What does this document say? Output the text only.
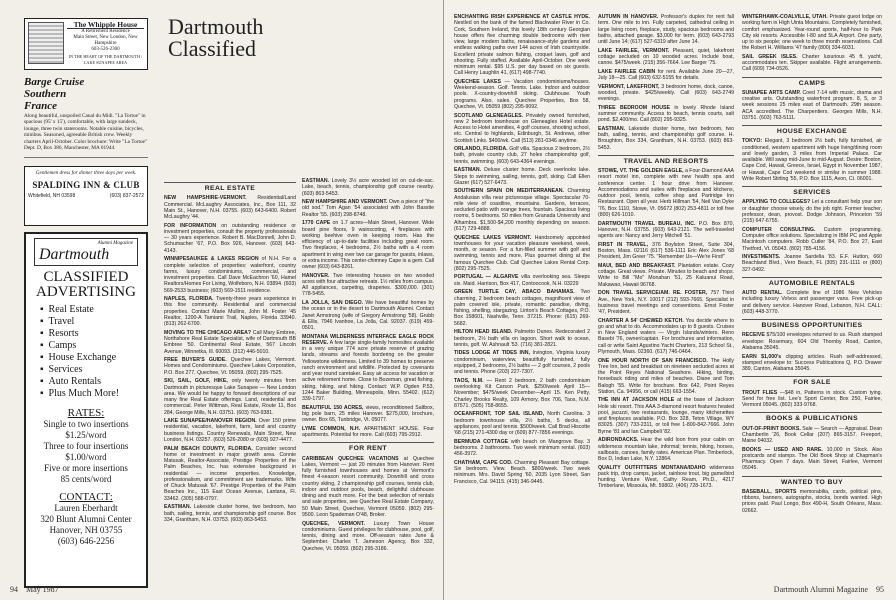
The Whipple House
A Retirement Residence
Main Street, New London, New Hampshire
603-526-2300
IN THE HEART OF THE DARTMOUTH / LAKE SUNAPEE AREA
Barge Cruise
Southern
France
Along beautiful, unspoiled Canal du Midi. "La Tortue" in spacious (95' x 15'), comfortable, with large sundeck, lounge, three twin staterooms. Notable cuisine, bicycles, minibus. Seasoned, agreeable British crew. Weekly charters April-October. Color brochure: Write "La Tortue" Dept. D, Box 386, Manchester, MA 01944.
Gentlemen dress for dinner three days per week.
SPALDING INN & CLUB
Whitefield, NH 03598	(603) 837-2572
Alumni Magazine
Dartmouth
CLASSIFIED
ADVERTISING
▪ Real Estate
▪ Travel
▪ Resorts
▪ Camps
▪ House Exchange
▪ Services
▪ Auto Rentals
▪ Plus Much More!
RATES:
Single to two insertions
$1.25/word
Three to four insertions
$1.00/word
Five or more insertions
85 cents/word
CONTACT:
Lauren Eberhardt
320 Blunt Alumni Center
Hanover, NH 03755
(603) 646-2256
Dartmouth
Classified
REAL ESTATE

NEW HAMPSHIRE-VERMONT. Residential/Land Commercial. McLaughry Associates, Inc., Box 111, 32 Main St., Hanover, N.H. 03755. (603) 643-6400. Robert McLaughry '44.

FOR INFORMATION on outstanding residence or investment properties, consult the property professionals — 30 years experience. Robert B. MacDonnell, John D. Schumacher '67, P.O. Box 926, Hanover. (603) 643-4143.

WINNIPESAUKEE & LAKES REGION of N.H. For a complete selection of properties: waterfront, country farms, luxury condominiums, commercial, and investment properties. Call Dave McEachron '60, Hamel Realtors/Homes For Living, Wolfeboro, N.H. 03894. (603) 569-2533 business; (603) 569-1511 residence.

NAPLES, FLORIDA. Twenty-three years experience in this fine community. Residential and commercial properties. Contact Marie Mullins, John M. Foster '45 Realtor, 1200-A Tamiami Trail, Naples, Florida 33940. (813) 262-6700.

MOVING TO THE CHICAGO AREA? Call Mary Embree, Northshore Real Estate Specialist, wife of Dartmouth BB Embree '50. Continental Real Estate, 567 Lincoln Avenue, Winnetka, Ill. 60093. (312) 446-5010.

FREE BUYER'S GUIDE. Quechee Lakes, Vermont. Homes and Condominiums. Quechee Lakes Corporation, P.O. Box 277, Quechee, Vt. 05059. (802) 295-7525.

SKI, SAIL, GOLF, HIKE, only twenty minutes from Dartmouth in picturesque Lake Sunapee — New London area. We would be happy to forward descriptions of our many fine Real Estate offerings. Land, residential and commercial. Peter Wittman, Real Estate, Route 11, Box 284, George Mills, N.H. 03751. (603) 763-9381.

LAKE SUNAPEE/HANOVER REGION. Over 150 prime residential, vacation, lakefront, farm, land and country business listings. Country Renewals, Main Street, New London, N.H. 03257. (603) 526-2080 or (603) 927-4477.

PALM BEACH COUNTY, FLORIDA. Consider second home or investment in major growth area. Connie Matusak, Realtor-Associate, Prestige Properties of the Palm Beaches, Inc. has extensive background in residential — income properties. Knowledge, professionalism, and commitment are trademarks. Wife of Chuck Matusak '67. Prestige Properties of the Palm Beaches Inc., 115 East Ocean Avenue, Lantana, Fl. 33462. (305) 588-0797.

EASTMAN. Lakeside cluster home, two bedroom, two bath, sailing, tennis, and championship golf course. Box 334, Grantham, N.H. 03753. (603) 863-5453.

EASTMAN. Lovely 3½ acre wooded lot on cul-de-sac. Lake, beach, tennis, championship golf course nearby. (603) 863-5453.

NEW HAMPSHIRE AND VERMONT. Own a piece of "the old sod." Tom Agan '54 associated with John Basstie Realtor '55. (603) 298-8748.

1770 CAPE on 1.7 acres—Main Street, Hanover. Wide board pine floors, 9 wainscoting, 4 fireplaces with working beehive oven in keeping room. Has the efficiency of up-to-date facilities including great room. Two fireplaces, 4 bedrooms, 2½ baths with a 4 room apartment in wing over two car garage for guests, inlaws, or extra income. This center-chimney Cape is a gem. Call owner (603) 643-8261.

HANOVER. Two interesting houses on two wooded acres with four attractive retreats. 1½ miles from campus. All appliances, carpeting, draperies. $300,000. (301) 778-5455.

LA JOLLA, SAN DIEGO. We have beautiful homes by the ocean or in the desert to Dartmouth Alumni. Contact Janet Armstrong (wife of Gregory Armstrong '58). Grubb & Ellis, 7946 Ivanhoe, La Jolla, Cal. 92037. (619) 459-0501.

MONTANA WILDERNESS INTERFACE EAGLE ROCK RESERVE. A few large single-family homesites available in a very unique 774 acre private reserve of grazing lands, streams and forests bordering on the greater Yellowstone wilderness. Limited to 39 homes to preserve ranch environment and wildlife. Protected by covenants and year round caretaker. Easy air access for vacation or active retirement home. Close to Bozeman, great fishing, skiing, hiking, and hiking. Contact: W.P. Ogden P.53, 1244 Baker Building, Minneapolis, Minn. 55402. (612) 339-1797.

BEAUTIFUL 150 ACRES, views, reconditioned Saltbox, big pole barn, 25 miles Hanover. $275,000, brochure, owner. Box 65, Tunbridge, Vt. 05077.

LYME COMMON, N.H. APARTMENT HOUSE. Four apartments. Potential for more. Call (603) 795-2912.

FOR RENT

CARIBBEAN QUECHEE VACATIONS at Quechee Lakes, Vermont — just 20 minutes from Hanover. Rent fully furnished townhouses and homes at Vermont's finest 4-season resort community. Downhill and cross country skiing, 2 championship golf courses, tennis club, indoor and outdoor pools, beach, delightful clubhouse dining and much more. For the best selection of rentals and sale properties, see Quechee Real Estate Company, 50 Main Street, Quechee, Vermont 05059. (802) 295-9500. Leon Spademan O'48, Broker.

QUECHEE, VERMONT. Luxury Town House condominiums. Guest privileges for clubhouse, pool, golf, tennis, dining and more. Off-season rates June & September. Charles T. Jameson Agency, Box 332, Quechee, Vt. 05059. (802) 295-3186.

94 May 1987

ENCHANTING IRISH EXPERIENCE AT CASTLE HYDE. Nestled on the bank of the famed Blackwater River in Co. Cork, Southern Ireland, this lovely 18th century Georgian house offers five charming double bedrooms with river view, large modern baths, renaissance-style gardens and endless walking paths over 144 acres of Irish countryside. Excellent private salmon fishing, croquet lawn, golf and shooting. Fully staffed. Available April-October. One week minimum rental. $95 U.S. per day based on six guests. Call Henry Laughlin 41, (617) 498-7740.

QUECHEE LAKES — Vacation condominiums/houses. Weekend-season. Golf. Tennis. Lake. Indoor and outdoor pools. X-country-downhill skiing. Clubhouse. Youth programs. Also, sales. Quechee Properties, Box 58, Quechee, Vt. 05059 (802) 295-9092.

SCOTLAND GLENEAGLES. Privately owned furnished, new 2 bedroom townhouse on Gleneagles Hotel estate. Access to Hotel amenities, 4 golf courses, shooting school, etc. Central to highlands, Edinburgh, St. Andrews, other Scottish Links. $400/wk. Call (513) 281-0346 anytime.

ORLANDO, FLORIDA. Golf villa. Spacious 2 bedroom, 2½ bath, private country club, 27 holes championship golf, tennis, swimming. (603) 643-4364 evenings.

EASTMAN. Deluxe cluster home. Deck overlooks lake. Steps to swimming, sailing, tennis, golf, skiing. Call Ellen Glazer (617) 527-6473.

SOUTHERN SPAIN ON MEDITERRANEAN. Charming Andalusian villa near picturesque village. Spectacular 70-mile view of coastline, mountains. Gardens, terraces, secluded patio with orange trees, fountain. Spacious living rooms, 5 bedrooms. 50 miles from Granada University and Alhambra. $1,500-$4,200 monthly depending on season. (617) 729-4888.

QUECHEE LAKES VERMONT. Handsomely appointed townhouses for your vacation pleasure weekend, week, month, or season. For a fun-filled summer with golf and swimming, tennis and more. Plus gourmet dining at the famous Quechee Club. Call Quechee Lakes Rental Corp. (802) 295-7525.

PORTUGAL — ALGARVE villa overlooking sea. Sleeps six. Maid. Harrison, Box 417, Contoocook, N.H. 03229

GREEN TURTLE CAY, ABACO BAHAMAS. Two charming, 2 bedroom beach cottages, magnificent view of palm covered isle, private, romantic paradise, diving, fishing, shelling, stargazing. Linton's Beach Cottages, P.O. Box 158601, Nashville, Tenn. 37215. Phone: (615) 269-5682.

HILTON HEAD ISLAND. Palmetto Dunes. Redecorated 2 bedroom, 2½ bath villa on lagoon. Short walk to ocean, tennis, golf. W. Ashnault '53. (716) 381-2821.

TIDES LODGE AT TIDES INN, Irvington, Virginia luxury condominium, waterview, beautifully furnished, fully equipped, 2 bedrooms, 2½ baths — 2 golf courses, 2 pools and tennis. Phone (203) 227-7307.

TAOS, N.M. — Rent 2 bedroom, 2 bath condominium overlooking Kit Carson Park. $250/week April 15—November; $475/week December—April 15. Ken Petty, Charley Brooks Realty, 109 Armory, Box 706, Taos, N.M. 87571. (505) 758-8655.

OCEANFRONT, TOP SAIL ISLAND, North Carolina. 3 bedroom townhouse villa, 2½ baths, 5 decks, all appliances, pool and tennis. $500/week. Call Brad Hiscotte '68 (215) 271-4300 day or (609) 877-7856 evenings.

BERMUDA COTTAGE with beach on Mangrove Bay. 3 bedrooms. 2 bathrooms. Two week minimum rental. (603) 456-3972.

CHATHAM, CAPE COD. Charming Pleasant Bay cottage. Six bedroom. View. Beach. $800/week. Two week minimum. Mrs. David Spring '60, 2035 Lyon Street, San Francisco, Cal. 94115. (415) 346-9445.

AUTUMN IN HANOVER. Professor's duplex for rent fall term. One mile to inn. Fully carpeted, cathedral ceiling in large living room, fireplace, study, spacious bedrooms and baths, attached garage. $3,000 for term. (603) 643-2793 until June 14; (617) 527-6319 after June 14.

LAKE FAIRLEE, VERMONT. Pleasant, quiet, lakefront cottage secluded on 10 wooded acres. Include boat, canoe. $475/week. (215) 356-7664. Lee Barger '75.

LAKE FAIRLEE CABIN for rent. Available June 20—27, July 18—25. Call (603) 632-5155 for details.

VERMONT, LAKEFRONT, 3 bedroom home, dock, canoe, wooded, private. $425/weekly. Call (603) 643-2749 evenings.

THREE BEDROOM HOUSE in lovely Rhode Island summer community. Access to beach, tennis courts, salt pond. $2,400/mo. Call (802) 295-9325.

EASTMAN. Lakeside cluster home, two bedroom, two bath, sailing, tennis, and championship golf course. H. Broughton, Box 334, Grantham, N.H. 03753. (603) 863-5453.

TRAVEL AND RESORTS

STOWE, VT. THE GOLDEN EAGLE, a Four-Diamond AAA resort motel inn, complete with new health spa and conference center. 1 hour drive from Hanover. Accommodations and suites with fireplaces and kitchens, outdoor pool, tennis, coffee shop and Partridge Inn Restaurant. Open all year. Herb Hillman '54, Neil Van Dyke '76, Box 1110, Stowe, Vt. 05672 (802) 253-4811 or toll free (800) 626-1010.

DARTMOUTH TRAVEL BUREAU, INC. P.O. Box 870, Hanover, N.H. 03755. (603) 643-2121. The well-traveled agents are: Nancy and Jerry Mitchell '51.

FIRST IN TRAVEL, 376 Boylston Street, Suite 304, Boston, Mass. 02116 (617) 536-1111 Eric Alex Jones '68 President, Jim Greer '75. "Remember Us—We're First!"

MAUI, BED AND BREAKFAST. Plantation estate. Cozy cottage. Great views. Private. Minutes to beach and shops. Write to Bill "Mo" Monahan '51, 25 Kaluanui Road, Makawao, Hawaii 96768.

DON TRAVEL SERVICE/AM. RE. FOSTER, 757 Third Ave., New York, N.Y. 10017 (212) 593-7665. Specialist in business travel meetings and conventions. Ernst Foster '47, President.

CHARTER A 54' CHEWED KETCH. You decide where to go and what to do. Accommodates up to 8 guests. Cruises in New England waters — Virgin Islands/winters. Reno Basebi '76, owner/captain. For brochures and information, call or write Saint Agustino Yacht Charters, 213 School St., Plymouth, Mass. 02360. (617) 746-0464.

ONE HOUR NORTH OF SAN FRANCISCO. The Holly Tree Inn, bed and breakfast on nineteen secluded acres at the Point Reyes National Seashore. Hiking, birding, horseback riding and miles of beaches. Diane and Tom Balogh '55. Write for brochure. Box 642, Point Reyes Station, Ca. 94956, or call (415) 663-1554.

THE INN AT JACKSON HOLE at the base of Jackson Hole ski resort. This AAA 3-diamond resort features heated pool, jacuzzi, two restaurants, lounge, many kitchenettes and fireplaces available. P.O. Box 328, Teton Village, WY 83025. (307) 733-2311, or toll free 1-800-842-7666. John Byrne '81 and Ian Campbell '82.

ADIRONDACKS. Hear the wild loon from your cabin on wilderness mountain lake, informal; tennis, hiking, horses, sailboats, canoes, family rates. American Plan. Timberlock, Box D, Indian Lake, N.Y. 12864.

QUALITY OUTFITTERS MONTANA/IDAHO wilderness pack trip, drop camps, jacket, rainbow trout, big game/bird hunting. Venture West, Cathy Ream, Ph.D., 4217 Timberlane, Missoula, Mt. 59802. (406) 728-1673.

WINTERHAWK-COALVILLE, UTAH. Private guest lodge on working farm in High Uinta Mountains. Completely furnished, comfort emphasized. Year-round sports, half-hour to Park City ski resorts. Accessible I-80 and 5LA Airport. One party, up to six people; one week to three month reservations. Call the Robert H. Williams '47 family (800) 334-6031.

SAIL GREEK ISLES. Charter luxurious 45 ft. yacht, accommodates ten. Skipper available. Flight arrangements. Call (609) 734-0526.

CAMPS

SUNAPEE ARTS CAMP. Coed 7-14 with music, drama and creative arts. Outstanding waterfront program. 8, 5, or 3 week sessions 25 miles east of Dartmouth. 29th season. ACA accredited. The Charpentiers. Georges Mills, N.H. 03751. (603) 763-5111.

HOUSE EXCHANGE

TOKYO: Elegant, 3 bedroom 2½ bath, fully furnished, air conditioned, western apartment with huge living/dining room and lovely garden, 3 miles from Imperial Palace. Car available. Will swap mid-June to mid-August. Desire: Boston, Cape Cod, Hawaii, Greece, Israel, Egypt in November 1987, or Hawaii, Cape Cod weekend or similar in summer 1988. Write Robert Stirling '55, P.O. Box 1115, Avon, Ct. 06001.

SERVICES

APPLYING TO COLLEGES? Let a consultant help your son or daughter choose wisely, do the job right. Former teacher, professor, dean, provost. Dodge Johnson, Princeton '59 (215) 647-6755.

COMPUTER CONSULTING. Custom programming. Computer office solutions. Specializing in IBM PC and Apple Macintosh computers. Robb Cutler '84, P.O. Box 27, East Thetford, Vt. 05043. (802) 785-4156.

INVESTMENTS. Joanne Sardella '83. E.F. Hutton, 660 Beachland Blvd., Vero Beach, FL (305) 231-1111 or (800) 327-0492.

AUTOMOBILE RENTALS

AUTO RENTAL. Complete line of 1986 New Vehicles including luxury Volvos and passenger vans. Free pick-up and delivery service. Hanover Road, Lebanon, N.H. CALL: (603) 448-3770.

BUSINESS OPPORTUNITIES

RECEIVE $75/100 envelopes returned to us. Rush stamped envelope: Rosemary, 604 Old Thornby Road, Canton, Alabama 35045.

EARN $1,000's clipping articles. Rush self-addressed, stamped envelope to: Success Publications Q, P.O. Drawer 389, Canton, Alabama 35045.

FOR SALE

TROUT FLIES —$48 in, Patterns in stock. Custom tying. Send for free list. Lee's Sport Center, Box 250, Fairlee, Vermont 05045. (802) 333-9768.

BOOKS & PUBLICATIONS

OUT-OF-PRINT BOOKS. Sale — Search — Appraisal. Dean Chamberlin '26, Book Cellar (207) 865-3157. Freeport, Maine 04032.

BOOKS — USED AND RARE. 10,000 in Stock. Also postcards and stamps. The Old Book Shop at Chapman's Pharmacy. Open 7 days. Main Street, Fairlee, Vermont 05045.

WANTED TO BUY

BASEBALL, SPORTS memorabilia, cards, political pins, ribbons, banners, autographs, stocks, bonds wanted. High prices paid. Paul Longo, Box 490-H, South Orleans, Mass. 02662.

Dartmouth Alumni Magazine 95
